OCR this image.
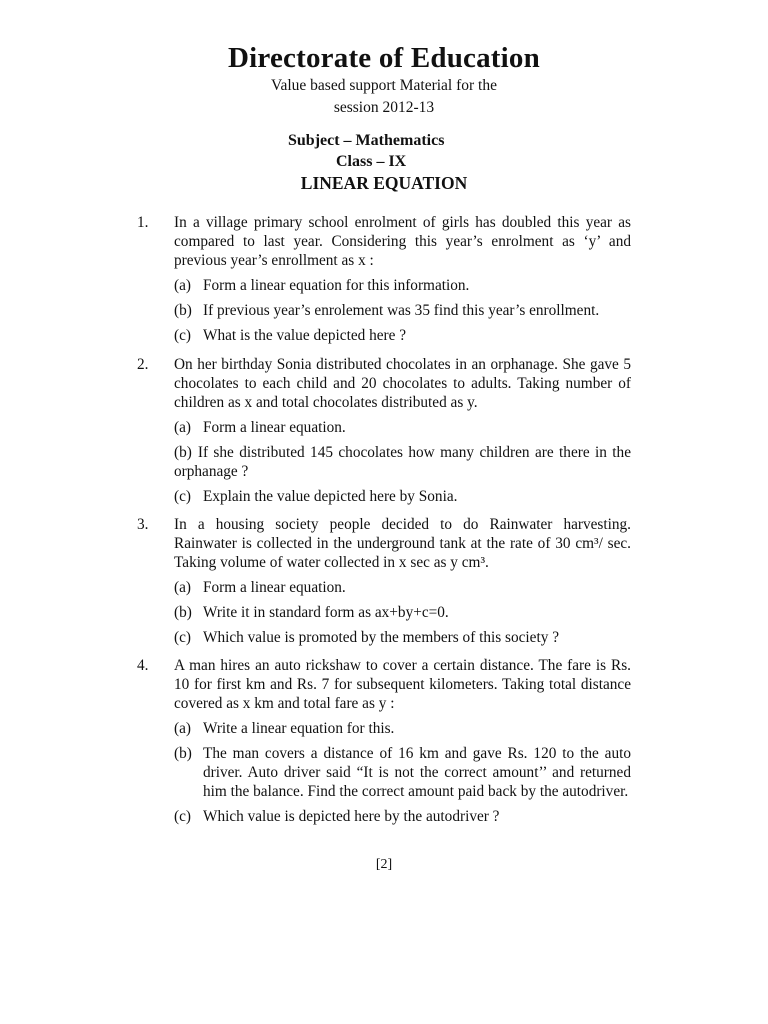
Directorate of Education
Value based support Material for the
session 2012-13
Subject – Mathematics
Class – IX
LINEAR EQUATION
1. In a village primary school enrolment of girls has doubled this year as compared to last year. Considering this year’s enrolment as ‘y’ and previous year’s enrollment as x :
(a) Form a linear equation for this information.
(b) If previous year’s enrolement was 35 find this year’s enrollment.
(c) What is the value depicted here ?
2. On her birthday Sonia distributed chocolates in an orphanage. She gave 5 chocolates to each child and 20 chocolates to adults. Taking number of children as x and total chocolates distributed as y.
(a) Form a linear equation.
(b) If she distributed 145 chocolates how many children are there in the orphanage ?
(c) Explain the value depicted here by Sonia.
3. In a housing society people decided to do Rainwater harvesting. Rainwater is collected in the underground tank at the rate of 30 cm³/ sec. Taking volume of water collected in x sec as y cm³.
(a) Form a linear equation.
(b) Write it in standard form as ax+by+c=0.
(c) Which value is promoted by the members of this society ?
4. A man hires an auto rickshaw to cover a certain distance. The fare is Rs. 10 for first km and Rs. 7 for subsequent kilometers. Taking total distance covered as x km and total fare as y :
(a) Write a linear equation for this.
(b) The man covers a distance of 16 km and gave Rs. 120 to the auto driver. Auto driver said “It is not the correct amount’’ and returned him the balance. Find the correct amount paid back by the autodriver.
(c) Which value is depicted here by the autodriver ?
[2]
